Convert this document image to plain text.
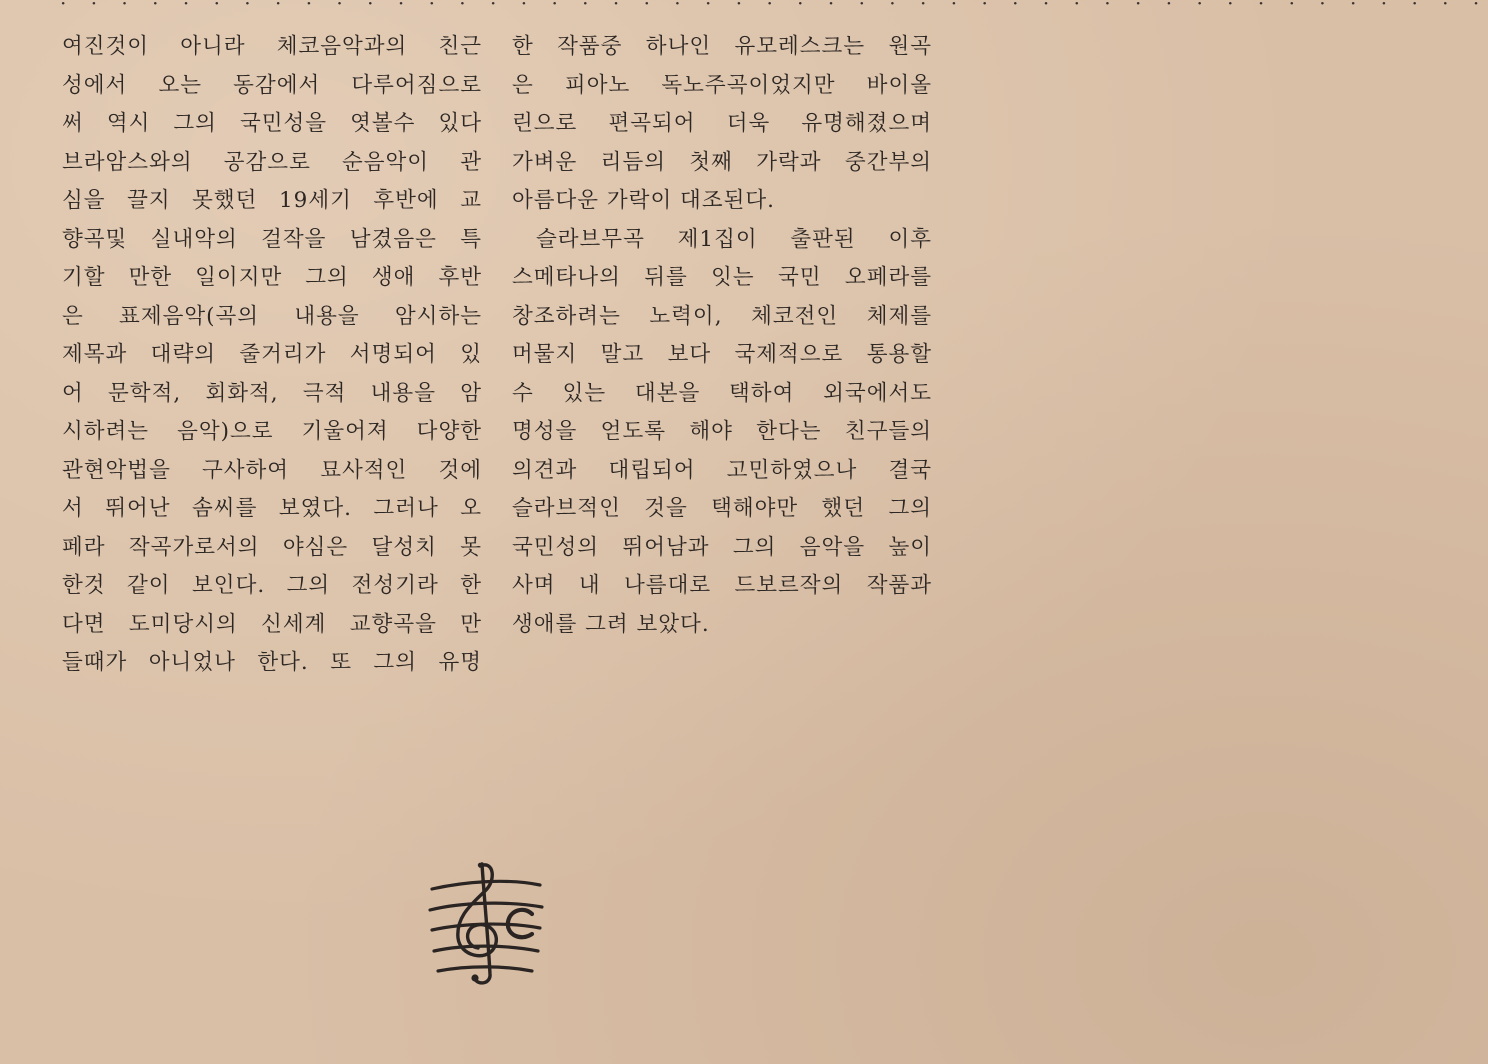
· · · · · · · · · · · · · · · · · · · · · · · · · · · · · · · · · · · · · · · · · · · · · · ·
여진것이 아니라 체코음악과의 친근
성에서 오는 동감에서 다루어짐으로
써 역시 그의 국민성을 엿볼수 있다
브라암스와의 공감으로 순음악이 관
심을 끌지 못했던 19세기 후반에 교
향곡및 실내악의 걸작을 남겼음은 특
기할 만한 일이지만 그의 생애 후반
은 표제음악(곡의 내용을 암시하는
제목과 대략의 줄거리가 서명되어 있
어 문학적, 회화적, 극적 내용을 암
시하려는 음악)으로 기울어져 다양한
관현악법을 구사하여 묘사적인 것에
서 뛰어난 솜씨를 보였다. 그러나 오
페라 작곡가로서의 야심은 달성치 못
한것 같이 보인다. 그의 전성기라 한
다면 도미당시의 신세계 교향곡을 만
들때가 아니었나 한다. 또 그의 유명
한 작품중 하나인 유모레스크는 원곡
은 피아노 독노주곡이었지만 바이올
린으로 편곡되어 더욱 유명해졌으며
가벼운 리듬의 첫째 가락과 중간부의
아름다운 가락이 대조된다.
슬라브무곡 제1집이 출판된 이후
스메타나의 뒤를 잇는 국민 오페라를
창조하려는 노력이, 체코전인 체제를
머물지 말고 보다 국제적으로 통용할
수 있는 대본을 택하여 외국에서도
명성을 얻도록 해야 한다는 친구들의
의견과 대립되어 고민하였으나 결국
슬라브적인 것을 택해야만 했던 그의
국민성의 뛰어남과 그의 음악을 높이
사며 내 나름대로 드보르작의 작품과
생애를 그려 보았다.
